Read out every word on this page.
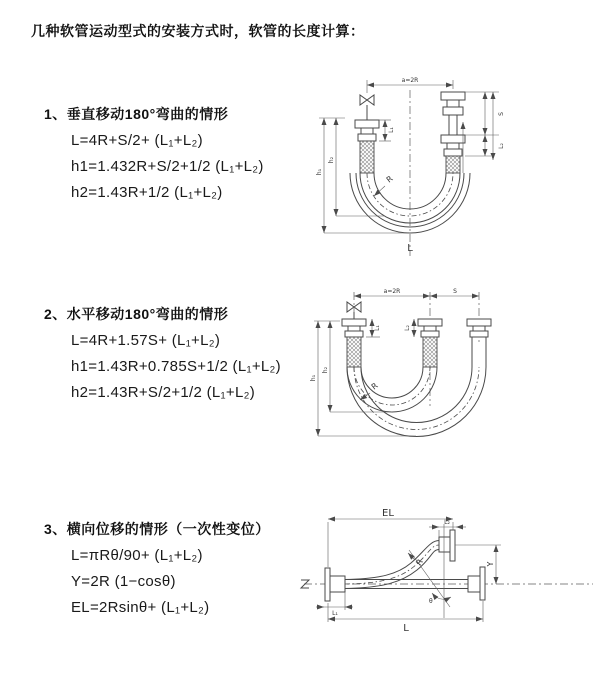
几种软管运动型式的安装方式时，软管的长度计算：
1、垂直移动180°弯曲的情形
L=4R+S/2+ (L₁+L₂)
h1=1.432R+S/2+1/2 (L₁+L₂)
h2=1.43R+1/2 (L₁+L₂)
2、水平移动180°弯曲的情形
L=4R+1.57S+ (L₁+L₂)
h1=1.43R+0.785S+1/2 (L₁+L₂)
h2=1.43R+S/2+1/2 (L₁+L₂)
3、横向位移的情形（一次性变位）
L=πRθ/90+ (L₁+L₂)
Y=2R (1−cosθ)
EL=2Rsinθ+ (L₁+L₂)
a=2R
h₁
h₂
L₁
S
L₂
R
L
a=2R	S
h₁
h₂
L₁	L₂
R
θ
R
EL
L₂
Y
L
L₁
